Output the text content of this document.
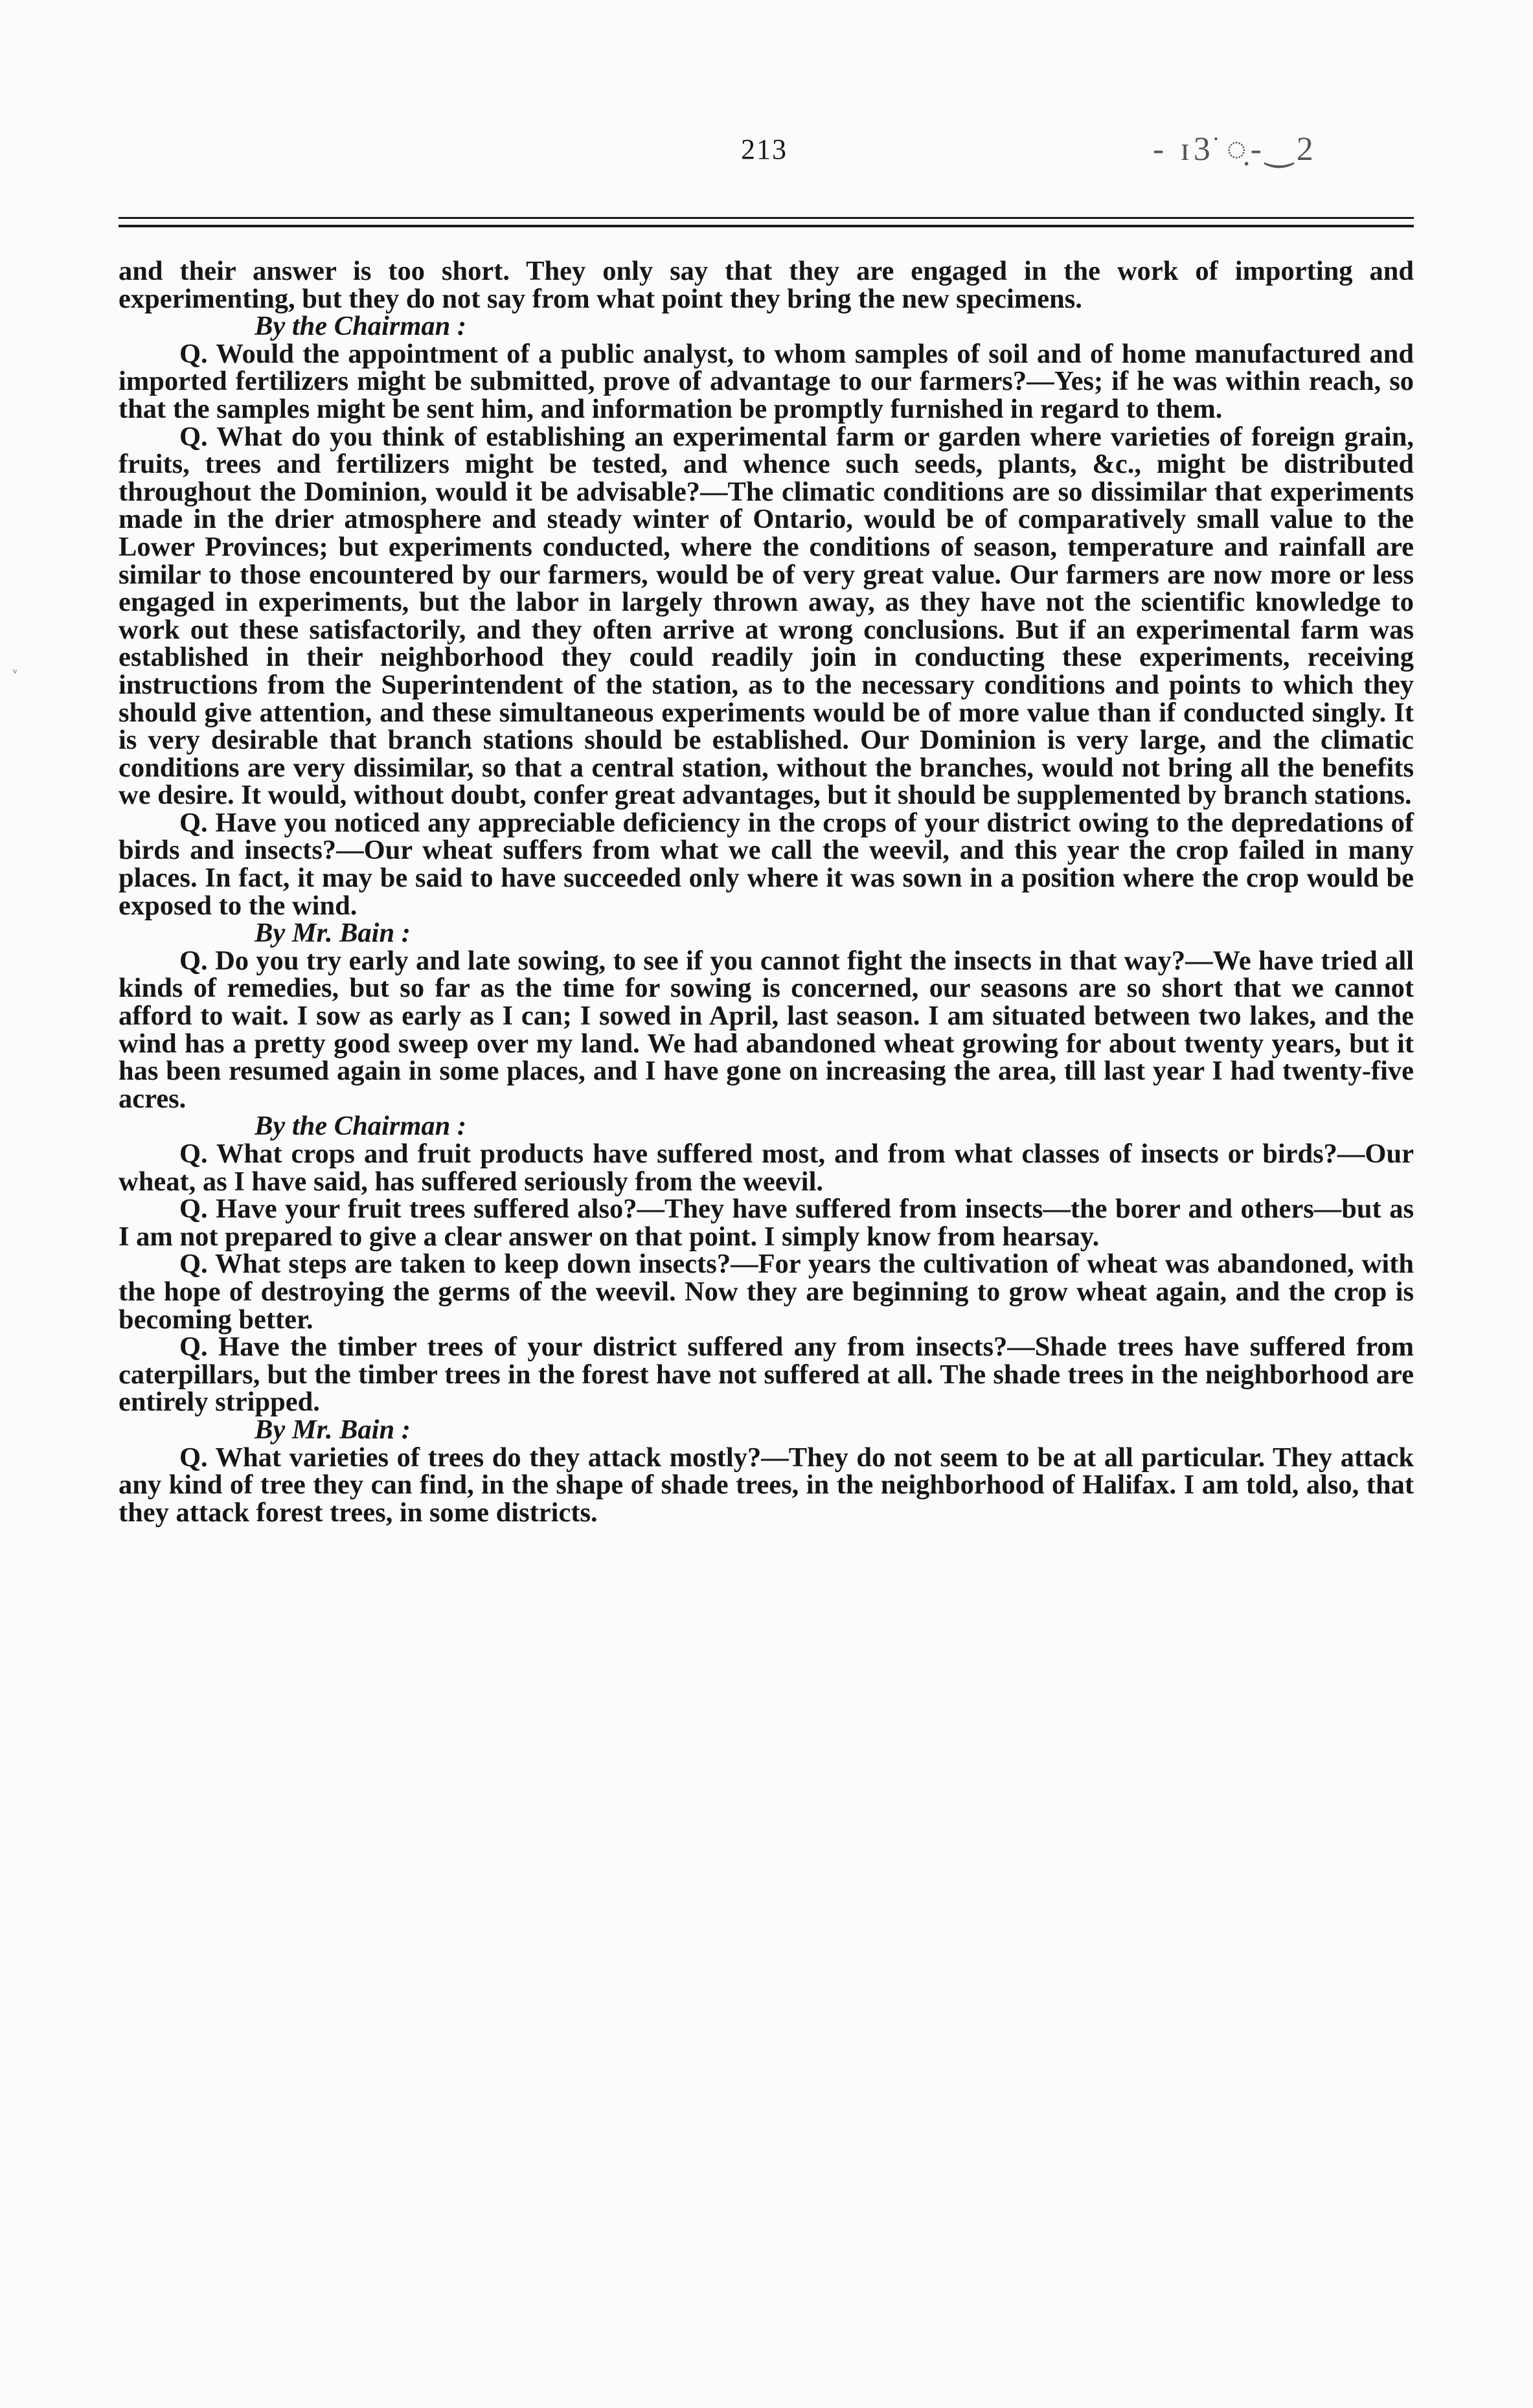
213	- ɪ3͘ ◌̣-‿2
ᵥ

and their answer is too short. They only say that they are engaged in the work of importing and experimenting, but they do not say from what point they bring the new specimens.

By the Chairman :

Q. Would the appointment of a public analyst, to whom samples of soil and of home manufactured and imported fertilizers might be submitted, prove of advantage to our farmers?—Yes; if he was within reach, so that the samples might be sent him, and information be promptly furnished in regard to them.

Q. What do you think of establishing an experimental farm or garden where varieties of foreign grain, fruits, trees and fertilizers might be tested, and whence such seeds, plants, &c., might be distributed throughout the Dominion, would it be advisable?—The climatic conditions are so dissimilar that experiments made in the drier atmosphere and steady winter of Ontario, would be of comparatively small value to the Lower Provinces; but experiments conducted, where the conditions of season, temperature and rainfall are similar to those encountered by our farmers, would be of very great value. Our farmers are now more or less engaged in experiments, but the labor in largely thrown away, as they have not the scientific knowledge to work out these satisfactorily, and they often arrive at wrong conclusions. But if an experimental farm was established in their neighborhood they could readily join in conducting these experiments, receiving instructions from the Superintendent of the station, as to the necessary conditions and points to which they should give attention, and these simultaneous experiments would be of more value than if conducted singly. It is very desirable that branch stations should be established. Our Dominion is very large, and the climatic conditions are very dissimilar, so that a central station, without the branches, would not bring all the benefits we desire. It would, without doubt, confer great advantages, but it should be supplemented by branch stations.

Q. Have you noticed any appreciable deficiency in the crops of your district owing to the depredations of birds and insects?—Our wheat suffers from what we call the weevil, and this year the crop failed in many places. In fact, it may be said to have succeeded only where it was sown in a position where the crop would be exposed to the wind.

By Mr. Bain :

Q. Do you try early and late sowing, to see if you cannot fight the insects in that way?—We have tried all kinds of remedies, but so far as the time for sowing is concerned, our seasons are so short that we cannot afford to wait. I sow as early as I can; I sowed in April, last season. I am situated between two lakes, and the wind has a pretty good sweep over my land. We had abandoned wheat growing for about twenty years, but it has been resumed again in some places, and I have gone on increasing the area, till last year I had twenty-five acres.

By the Chairman :

Q. What crops and fruit products have suffered most, and from what classes of insects or birds?—Our wheat, as I have said, has suffered seriously from the weevil.

Q. Have your fruit trees suffered also?—They have suffered from insects—the borer and others—but as I am not prepared to give a clear answer on that point. I simply know from hearsay.

Q. What steps are taken to keep down insects?—For years the cultivation of wheat was abandoned, with the hope of destroying the germs of the weevil. Now they are beginning to grow wheat again, and the crop is becoming better.

Q. Have the timber trees of your district suffered any from insects?—Shade trees have suffered from caterpillars, but the timber trees in the forest have not suffered at all. The shade trees in the neighborhood are entirely stripped.

By Mr. Bain :

Q. What varieties of trees do they attack mostly?—They do not seem to be at all particular. They attack any kind of tree they can find, in the shape of shade trees, in the neighborhood of Halifax. I am told, also, that they attack forest trees, in some districts.
